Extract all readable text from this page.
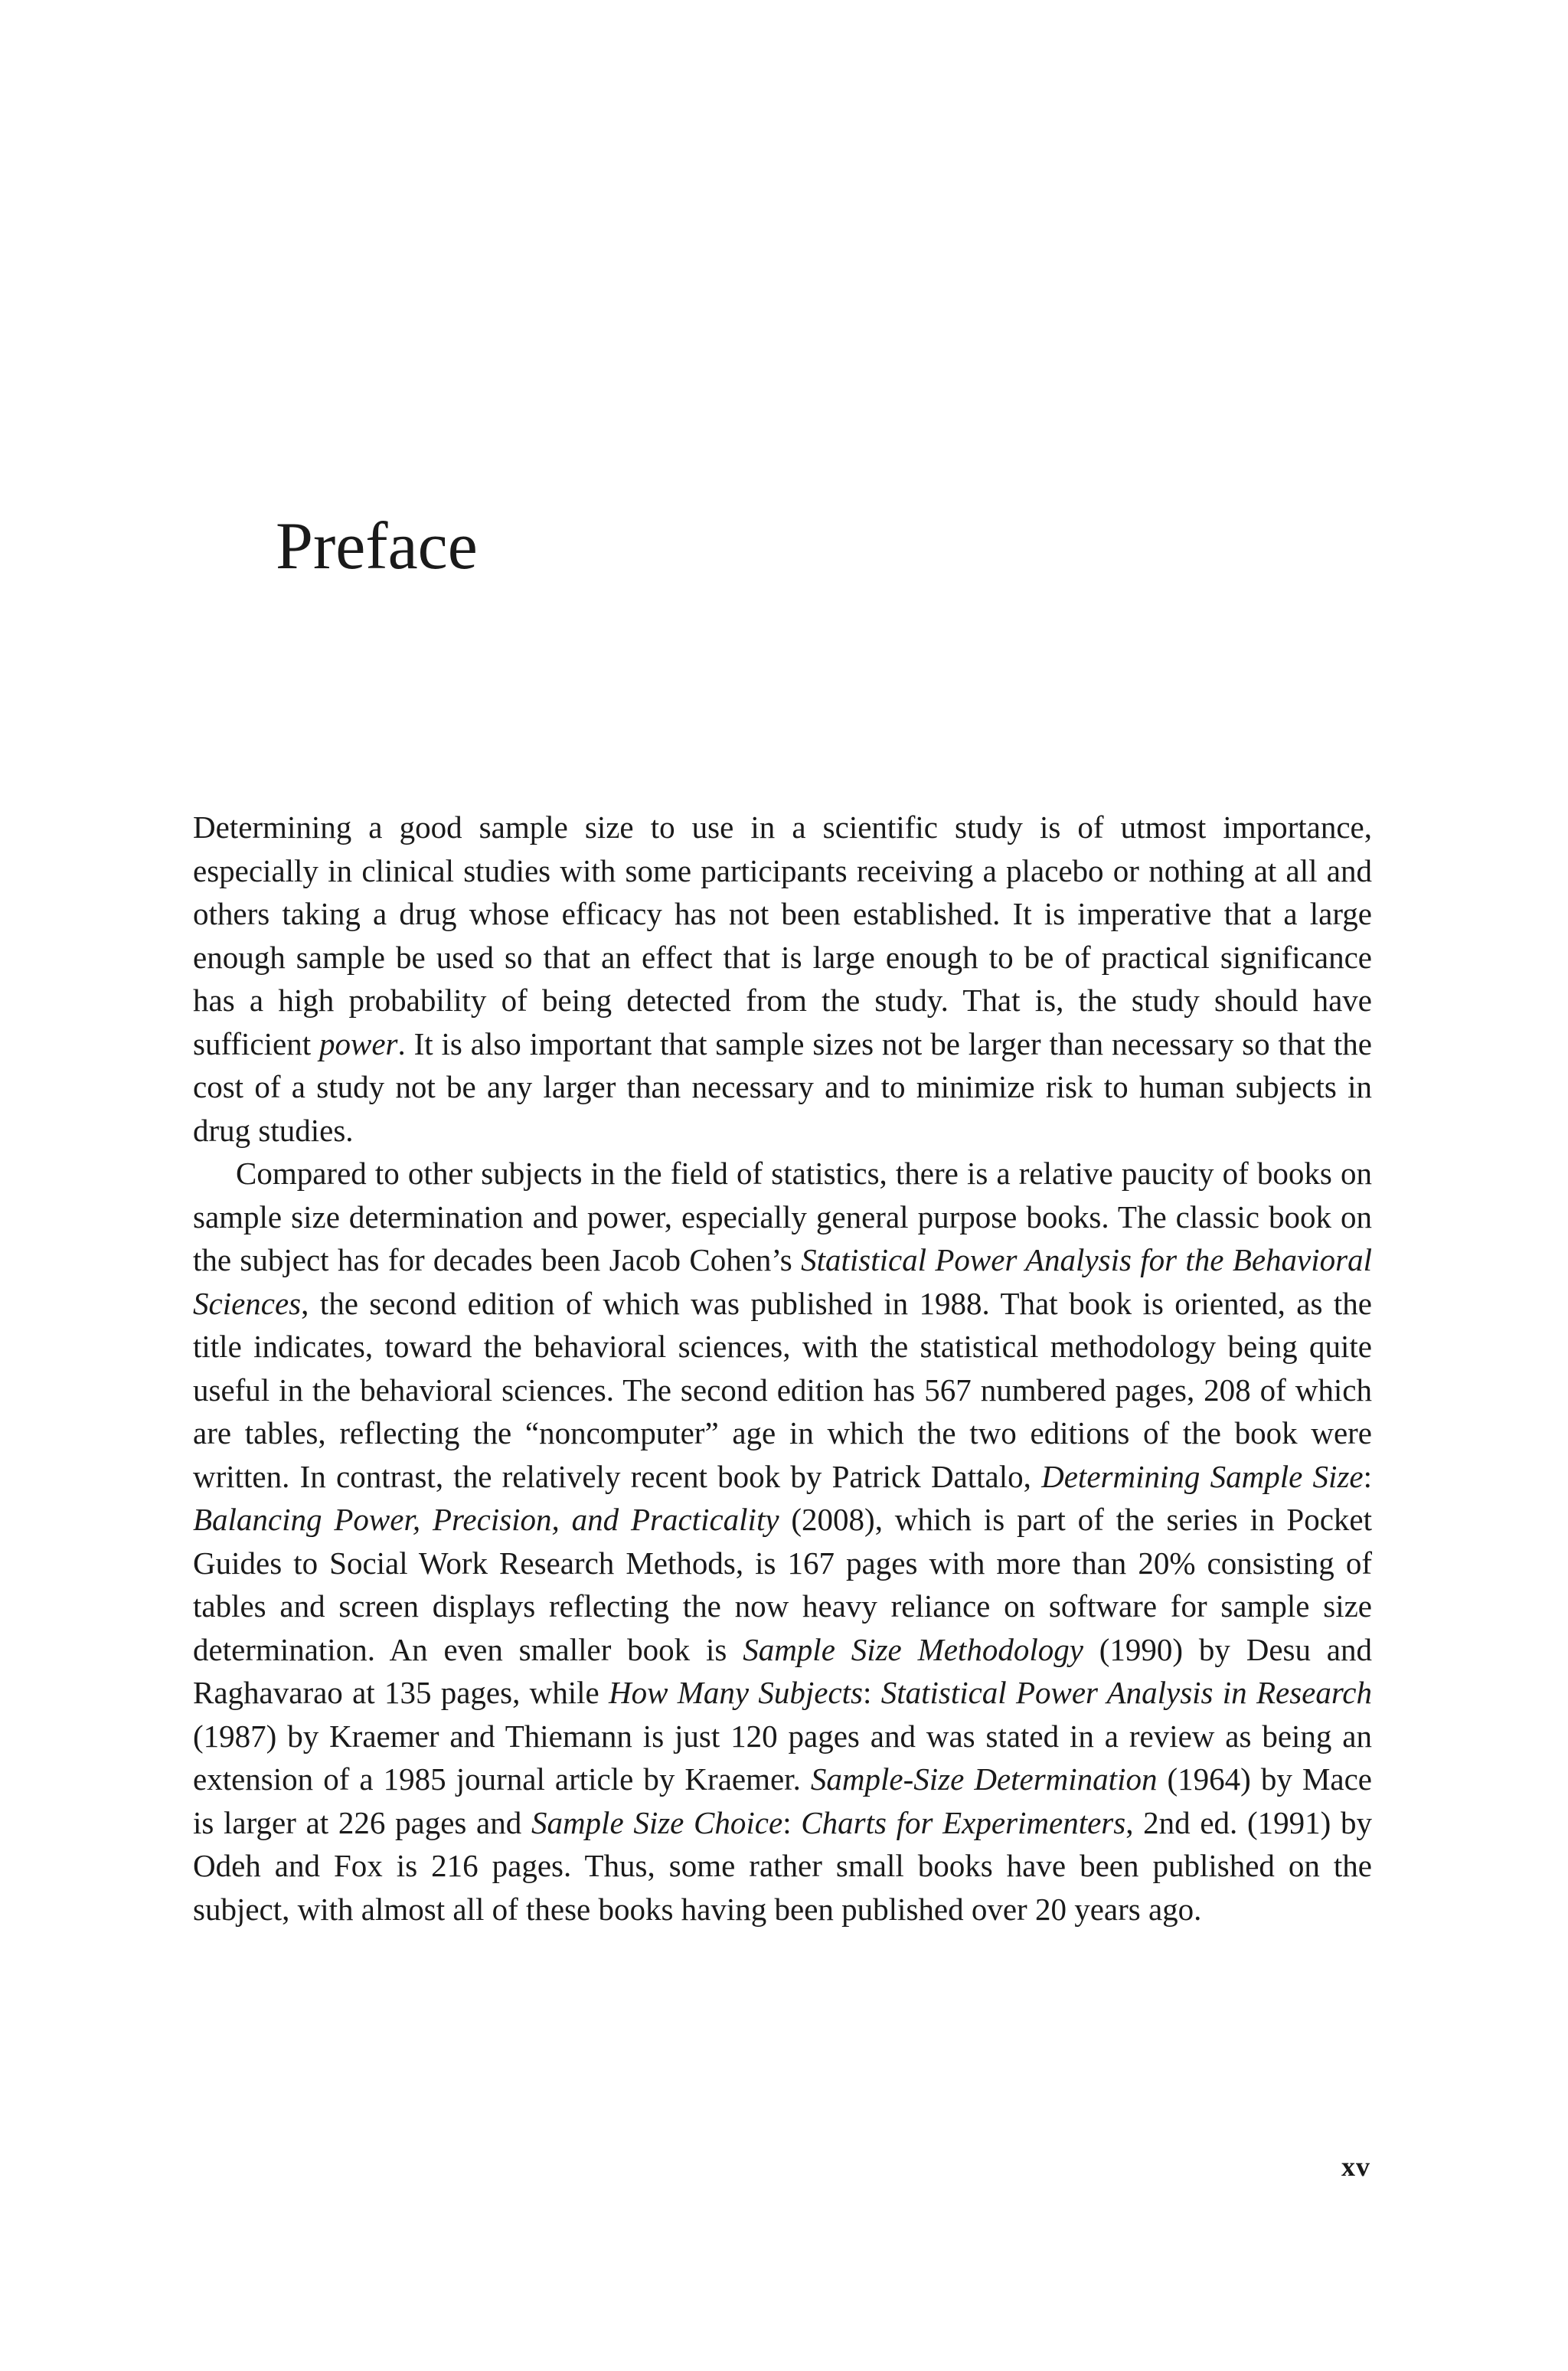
Preface

Determining a good sample size to use in a scientific study is of utmost importance, especially in clinical studies with some participants receiving a placebo or nothing at all and others taking a drug whose efficacy has not been established. It is imperative that a large enough sample be used so that an effect that is large enough to be of practical significance has a high probability of being detected from the study. That is, the study should have sufficient power. It is also important that sample sizes not be larger than necessary so that the cost of a study not be any larger than necessary and to minimize risk to human subjects in drug studies.

Compared to other subjects in the field of statistics, there is a relative paucity of books on sample size determination and power, especially general purpose books. The classic book on the subject has for decades been Jacob Cohen’s Statistical Power Analysis for the Behavioral Sciences, the second edition of which was published in 1988. That book is oriented, as the title indicates, toward the behavioral sciences, with the statistical methodology being quite useful in the behavioral sciences. The second edition has 567 numbered pages, 208 of which are tables, reflecting the “noncomputer” age in which the two editions of the book were written. In contrast, the relatively recent book by Patrick Dattalo, Determining Sample Size: Balancing Power, Precision, and Practicality (2008), which is part of the series in Pocket Guides to Social Work Research Methods, is 167 pages with more than 20% consisting of tables and screen displays reflecting the now heavy reliance on software for sample size determination. An even smaller book is Sample Size Methodology (1990) by Desu and Raghavarao at 135 pages, while How Many Subjects: Statistical Power Analysis in Research (1987) by Kraemer and Thiemann is just 120 pages and was stated in a review as being an extension of a 1985 journal article by Kraemer. Sample-Size Determination (1964) by Mace is larger at 226 pages and Sample Size Choice: Charts for Experimenters, 2nd ed. (1991) by Odeh and Fox is 216 pages. Thus, some rather small books have been published on the subject, with almost all of these books having been published over 20 years ago.

xv
